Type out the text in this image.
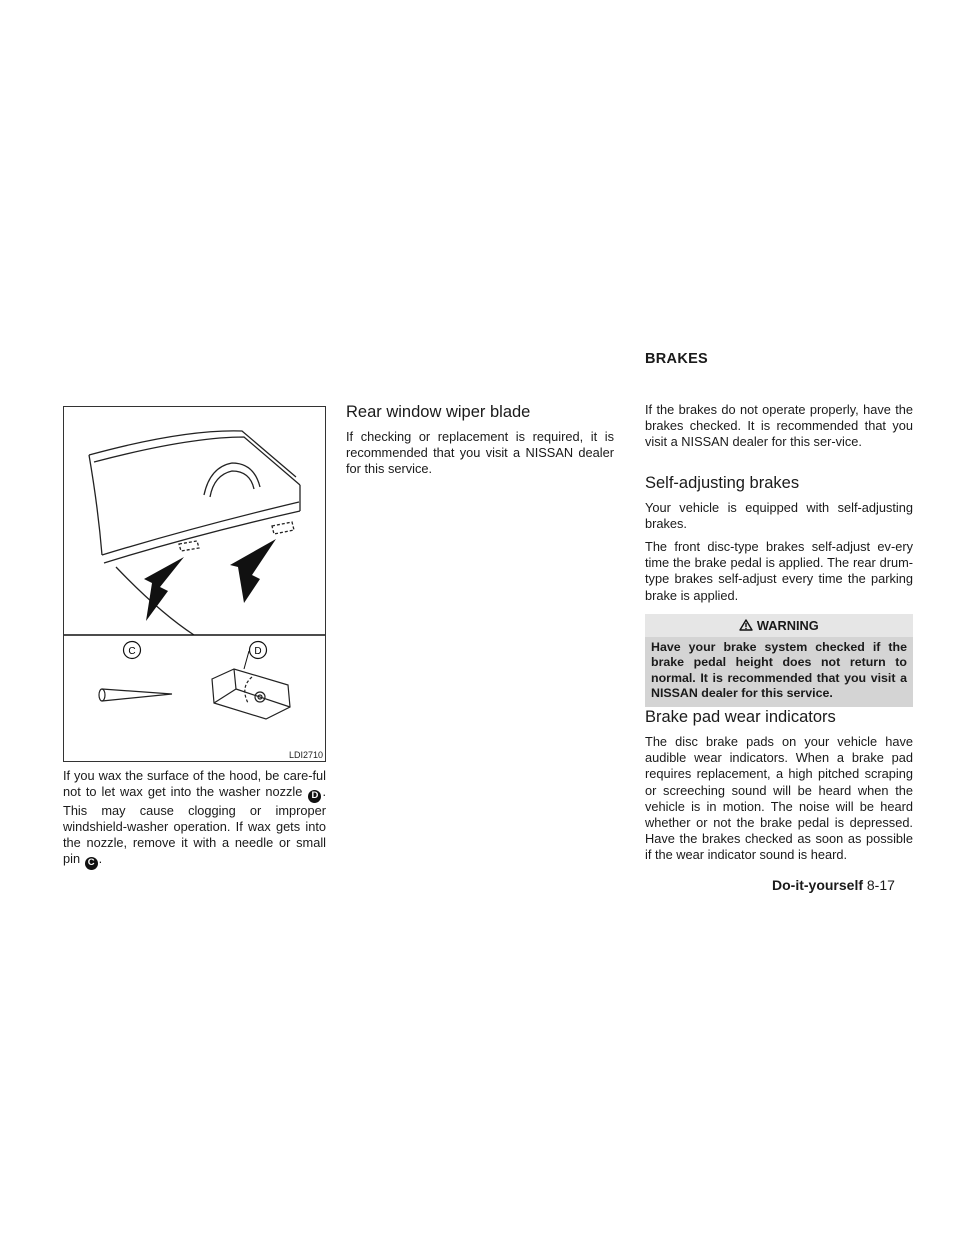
C	D
LDI2710

If you wax the surface of the hood, be care-ful not to let wax get into the washer nozzle D . This may cause clogging or improper windshield-washer operation. If wax gets into the nozzle, remove it with a needle or small pin C .

Rear window wiper blade

If checking or replacement is required, it is recommended that you visit a NISSAN dealer for this service.

BRAKES

If the brakes do not operate properly, have the brakes checked. It is recommended that you visit a NISSAN dealer for this ser-vice.

Self-adjusting brakes

Your vehicle is equipped with self-adjusting brakes.

The front disc-type brakes self-adjust ev-ery time the brake pedal is applied. The rear drum-type brakes self-adjust every time the parking brake is applied.

WARNING
Have your brake system checked if the brake pedal height does not return to normal. It is recommended that you visit a NISSAN dealer for this service.
Brake pad wear indicators

The disc brake pads on your vehicle have audible wear indicators. When a brake pad requires replacement, a high pitched scraping or screeching sound will be heard when the vehicle is in motion. The noise will be heard whether or not the brake pedal is depressed. Have the brakes checked as soon as possible if the wear indicator sound is heard.

Do-it-yourself 8-17
